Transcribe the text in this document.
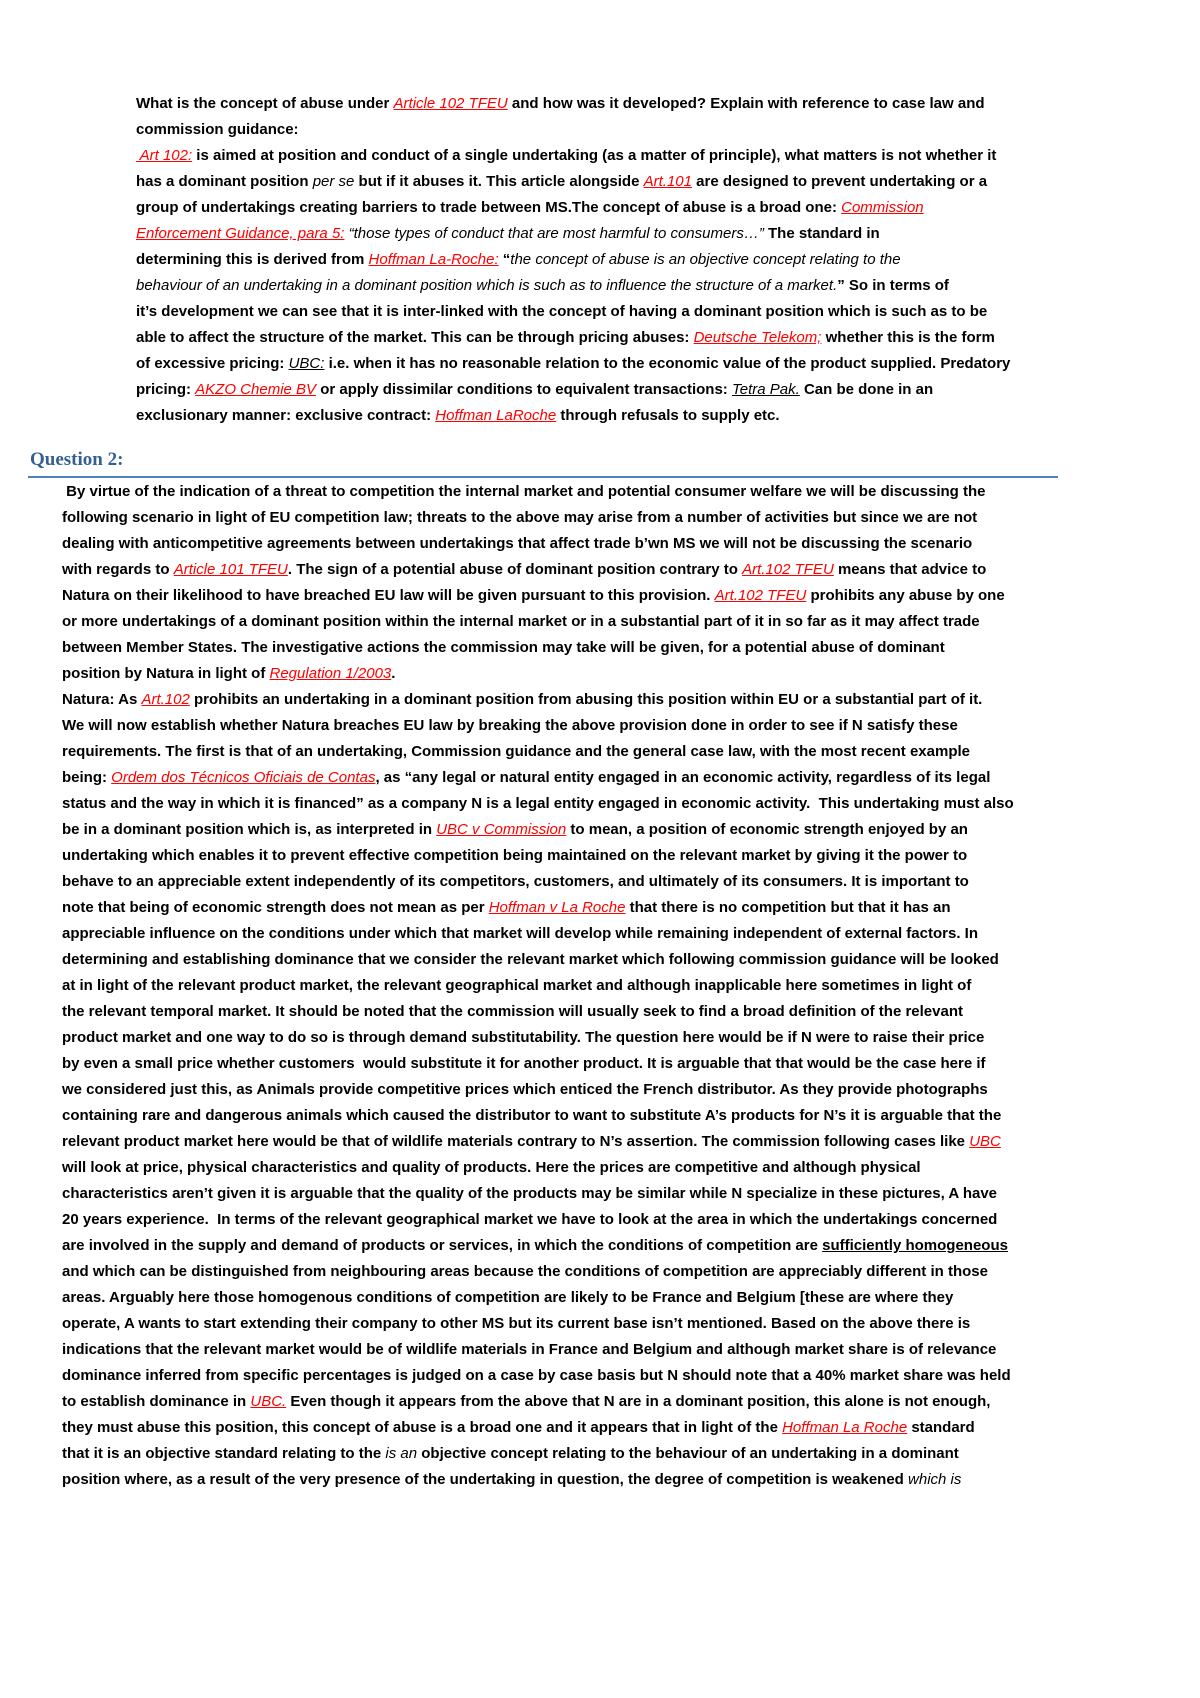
What is the concept of abuse under Article 102 TFEU and how was it developed? Explain with reference to case law and
commission guidance:
Art 102: is aimed at position and conduct of a single undertaking (as a matter of principle), what matters is not whether it
has a dominant position per se but if it abuses it. This article alongside Art.101 are designed to prevent undertaking or a
group of undertakings creating barriers to trade between MS.The concept of abuse is a broad one: Commission
Enforcement Guidance, para 5: “those types of conduct that are most harmful to consumers…” The standard in
determining this is derived from Hoffman La-Roche: “the concept of abuse is an objective concept relating to the
behaviour of an undertaking in a dominant position which is such as to influence the structure of a market.” So in terms of
it’s development we can see that it is inter-linked with the concept of having a dominant position which is such as to be
able to affect the structure of the market. This can be through pricing abuses: Deutsche Telekom; whether this is the form
of excessive pricing: UBC: i.e. when it has no reasonable relation to the economic value of the product supplied. Predatory
pricing: AKZO Chemie BV or apply dissimilar conditions to equivalent transactions: Tetra Pak. Can be done in an
exclusionary manner: exclusive contract: Hoffman LaRoche through refusals to supply etc.
Question 2:
By virtue of the indication of a threat to competition the internal market and potential consumer welfare we will be discussing the
following scenario in light of EU competition law; threats to the above may arise from a number of activities but since we are not
dealing with anticompetitive agreements between undertakings that affect trade b’wn MS we will not be discussing the scenario
with regards to Article 101 TFEU. The sign of a potential abuse of dominant position contrary to Art.102 TFEU means that advice to
Natura on their likelihood to have breached EU law will be given pursuant to this provision. Art.102 TFEU prohibits any abuse by one
or more undertakings of a dominant position within the internal market or in a substantial part of it in so far as it may affect trade
between Member States. The investigative actions the commission may take will be given, for a potential abuse of dominant
position by Natura in light of Regulation 1/2003.
Natura: As Art.102 prohibits an undertaking in a dominant position from abusing this position within EU or a substantial part of it.
We will now establish whether Natura breaches EU law by breaking the above provision done in order to see if N satisfy these
requirements. The first is that of an undertaking, Commission guidance and the general case law, with the most recent example
being: Ordem dos Técnicos Oficiais de Contas, as “any legal or natural entity engaged in an economic activity, regardless of its legal
status and the way in which it is financed” as a company N is a legal entity engaged in economic activity.  This undertaking must also
be in a dominant position which is, as interpreted in UBC v Commission to mean, a position of economic strength enjoyed by an
undertaking which enables it to prevent effective competition being maintained on the relevant market by giving it the power to
behave to an appreciable extent independently of its competitors, customers, and ultimately of its consumers. It is important to
note that being of economic strength does not mean as per Hoffman v La Roche that there is no competition but that it has an
appreciable influence on the conditions under which that market will develop while remaining independent of external factors. In
determining and establishing dominance that we consider the relevant market which following commission guidance will be looked
at in light of the relevant product market, the relevant geographical market and although inapplicable here sometimes in light of
the relevant temporal market. It should be noted that the commission will usually seek to find a broad definition of the relevant
product market and one way to do so is through demand substitutability. The question here would be if N were to raise their price
by even a small price whether customers  would substitute it for another product. It is arguable that that would be the case here if
we considered just this, as Animals provide competitive prices which enticed the French distributor. As they provide photographs
containing rare and dangerous animals which caused the distributor to want to substitute A’s products for N’s it is arguable that the
relevant product market here would be that of wildlife materials contrary to N’s assertion. The commission following cases like UBC
will look at price, physical characteristics and quality of products. Here the prices are competitive and although physical
characteristics aren’t given it is arguable that the quality of the products may be similar while N specialize in these pictures, A have
20 years experience.  In terms of the relevant geographical market we have to look at the area in which the undertakings concerned
are involved in the supply and demand of products or services, in which the conditions of competition are sufficiently homogeneous
and which can be distinguished from neighbouring areas because the conditions of competition are appreciably different in those
areas. Arguably here those homogenous conditions of competition are likely to be France and Belgium [these are where they
operate, A wants to start extending their company to other MS but its current base isn’t mentioned. Based on the above there is
indications that the relevant market would be of wildlife materials in France and Belgium and although market share is of relevance
dominance inferred from specific percentages is judged on a case by case basis but N should note that a 40% market share was held
to establish dominance in UBC. Even though it appears from the above that N are in a dominant position, this alone is not enough,
they must abuse this position, this concept of abuse is a broad one and it appears that in light of the Hoffman La Roche standard
that it is an objective standard relating to the is an objective concept relating to the behaviour of an undertaking in a dominant
position where, as a result of the very presence of the undertaking in question, the degree of competition is weakened which is
